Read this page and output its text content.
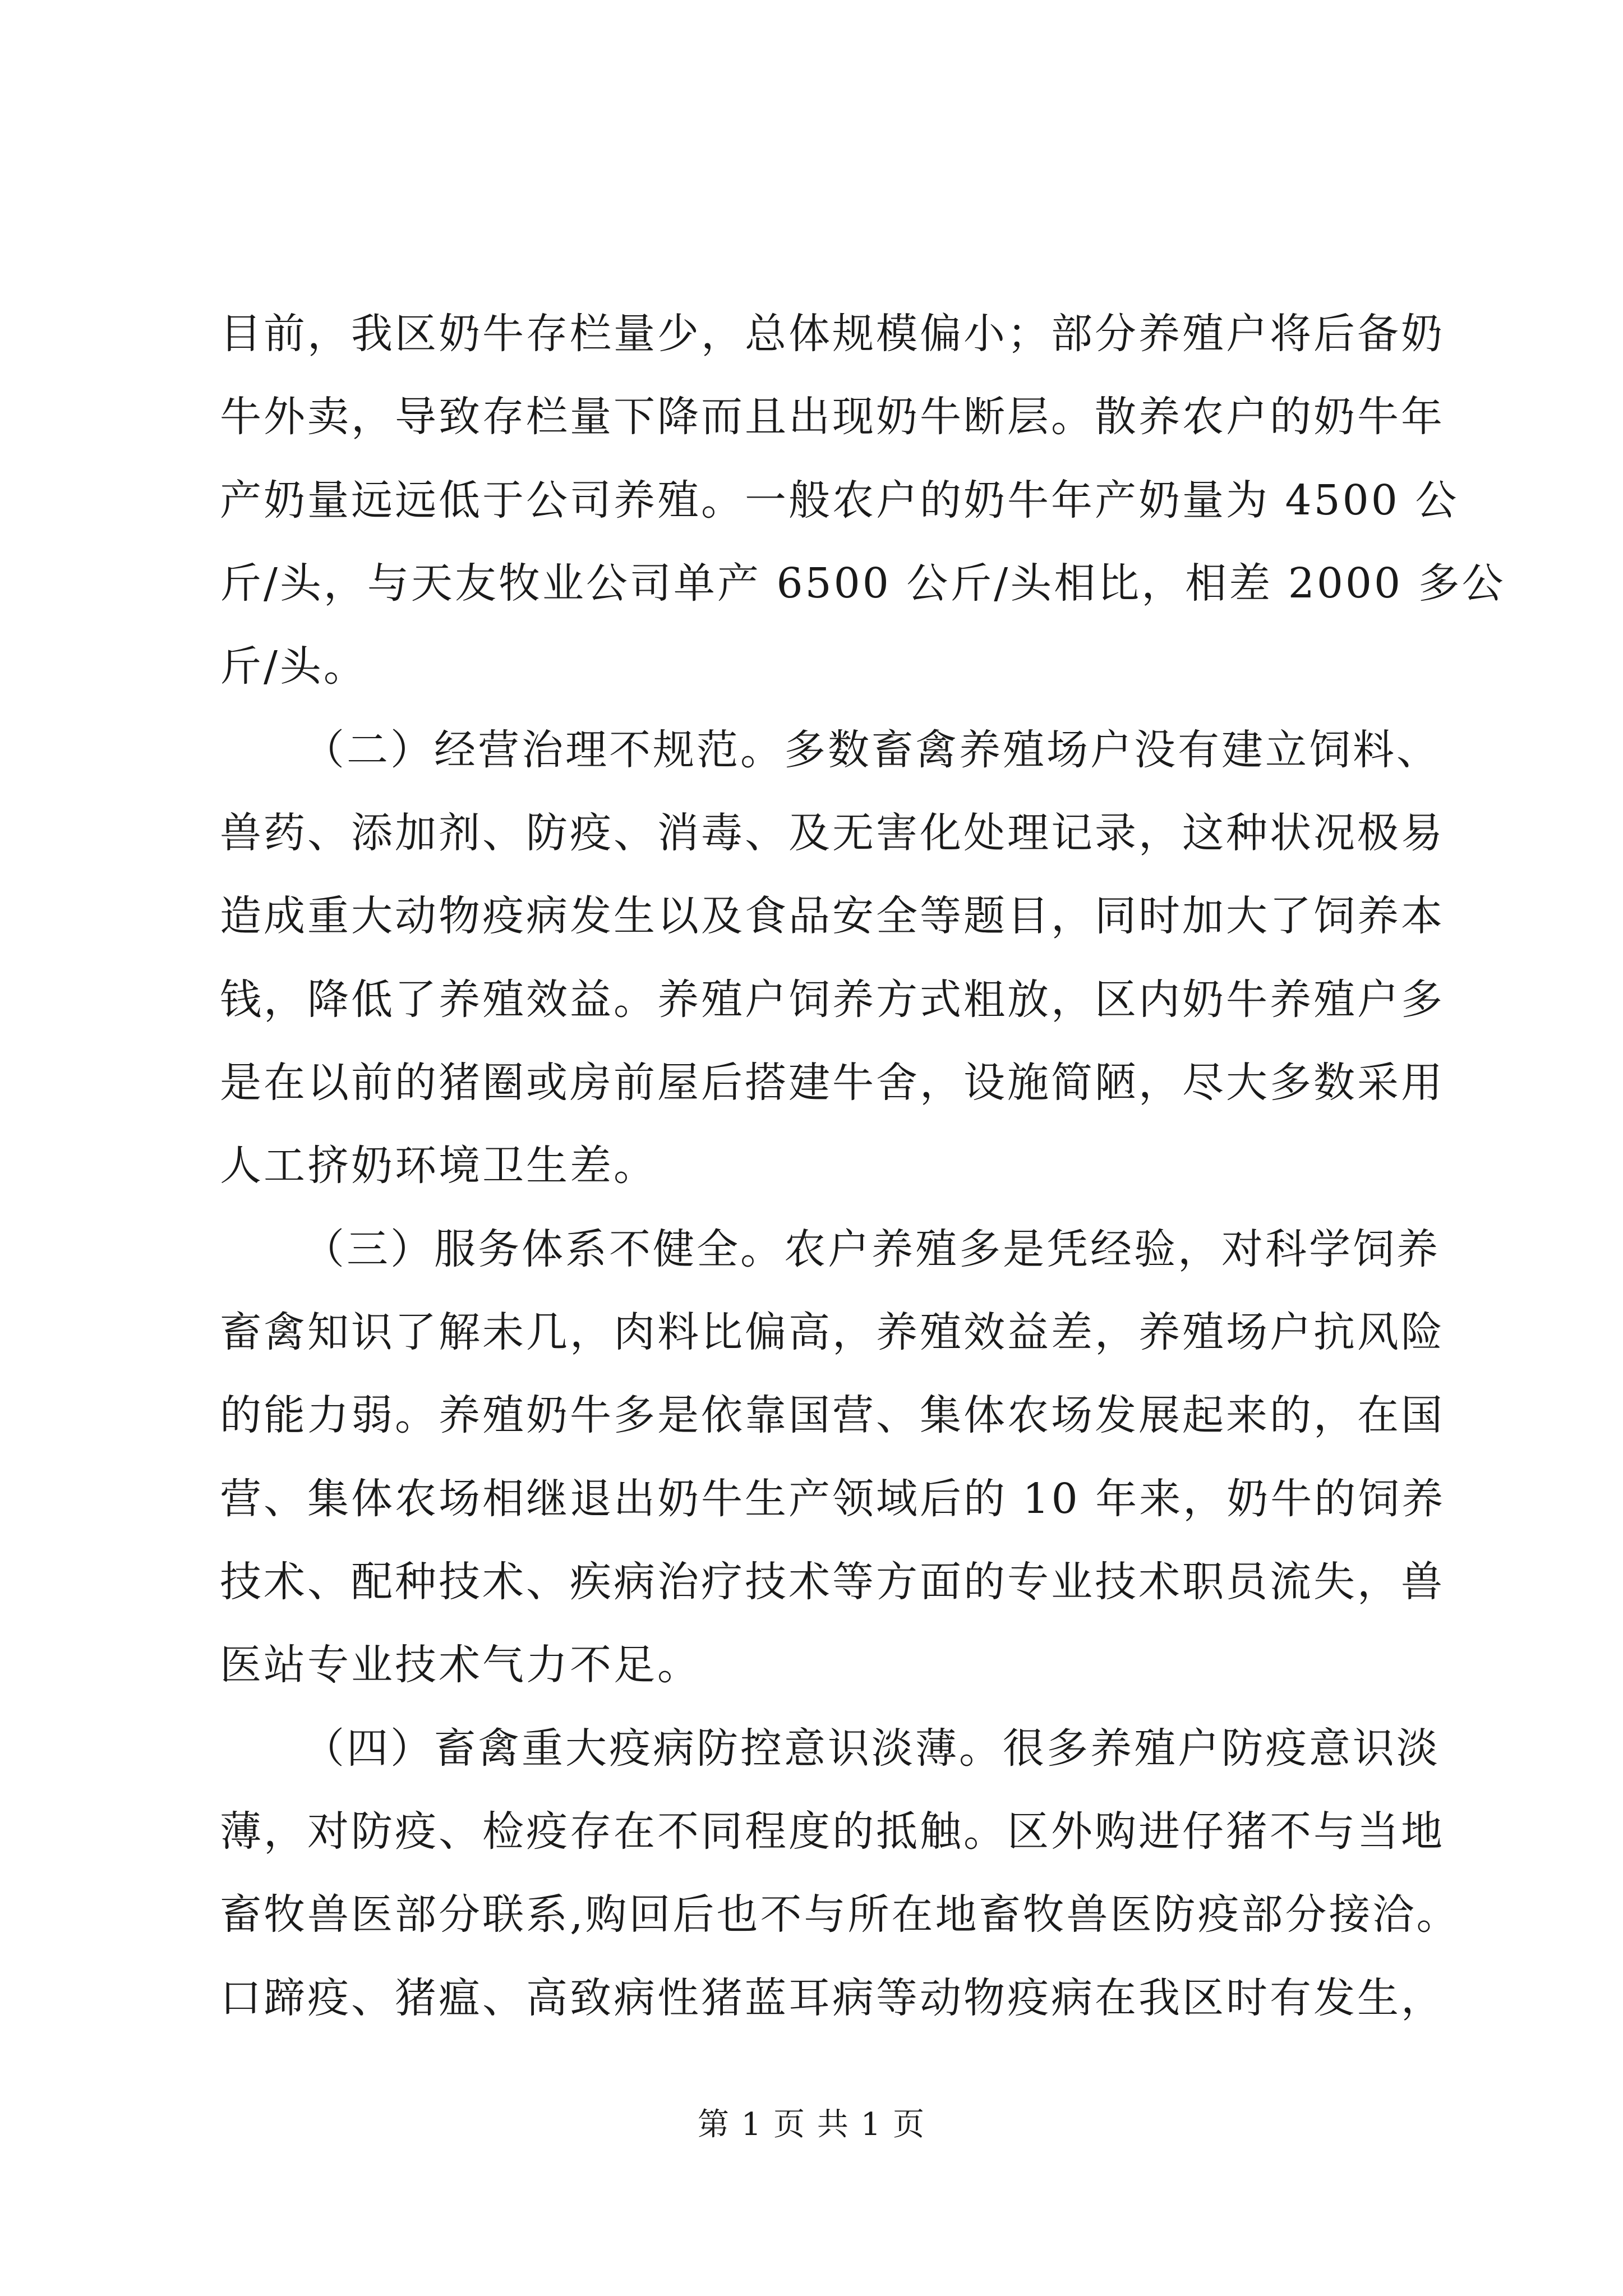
目前，我区奶牛存栏量少，总体规模偏小；部分养殖户将后备奶
牛外卖，导致存栏量下降而且出现奶牛断层。散养农户的奶牛年
产奶量远远低于公司养殖。一般农户的奶牛年产奶量为 4500 公
斤/头，与天友牧业公司单产 6500 公斤/头相比，相差 2000 多公
斤/头。
（二）经营治理不规范。多数畜禽养殖场户没有建立饲料、
兽药、添加剂、防疫、消毒、及无害化处理记录，这种状况极易
造成重大动物疫病发生以及食品安全等题目，同时加大了饲养本
钱，降低了养殖效益。养殖户饲养方式粗放，区内奶牛养殖户多
是在以前的猪圈或房前屋后搭建牛舍，设施简陋，尽大多数采用
人工挤奶环境卫生差。
（三）服务体系不健全。农户养殖多是凭经验，对科学饲养
畜禽知识了解未几，肉料比偏高，养殖效益差，养殖场户抗风险
的能力弱。养殖奶牛多是依靠国营、集体农场发展起来的，在国
营、集体农场相继退出奶牛生产领域后的 10 年来，奶牛的饲养
技术、配种技术、疾病治疗技术等方面的专业技术职员流失，兽
医站专业技术气力不足。
（四）畜禽重大疫病防控意识淡薄。很多养殖户防疫意识淡
薄，对防疫、检疫存在不同程度的抵触。区外购进仔猪不与当地
畜牧兽医部分联系,购回后也不与所在地畜牧兽医防疫部分接洽。
口蹄疫、猪瘟、高致病性猪蓝耳病等动物疫病在我区时有发生，
第 1 页 共 1 页
